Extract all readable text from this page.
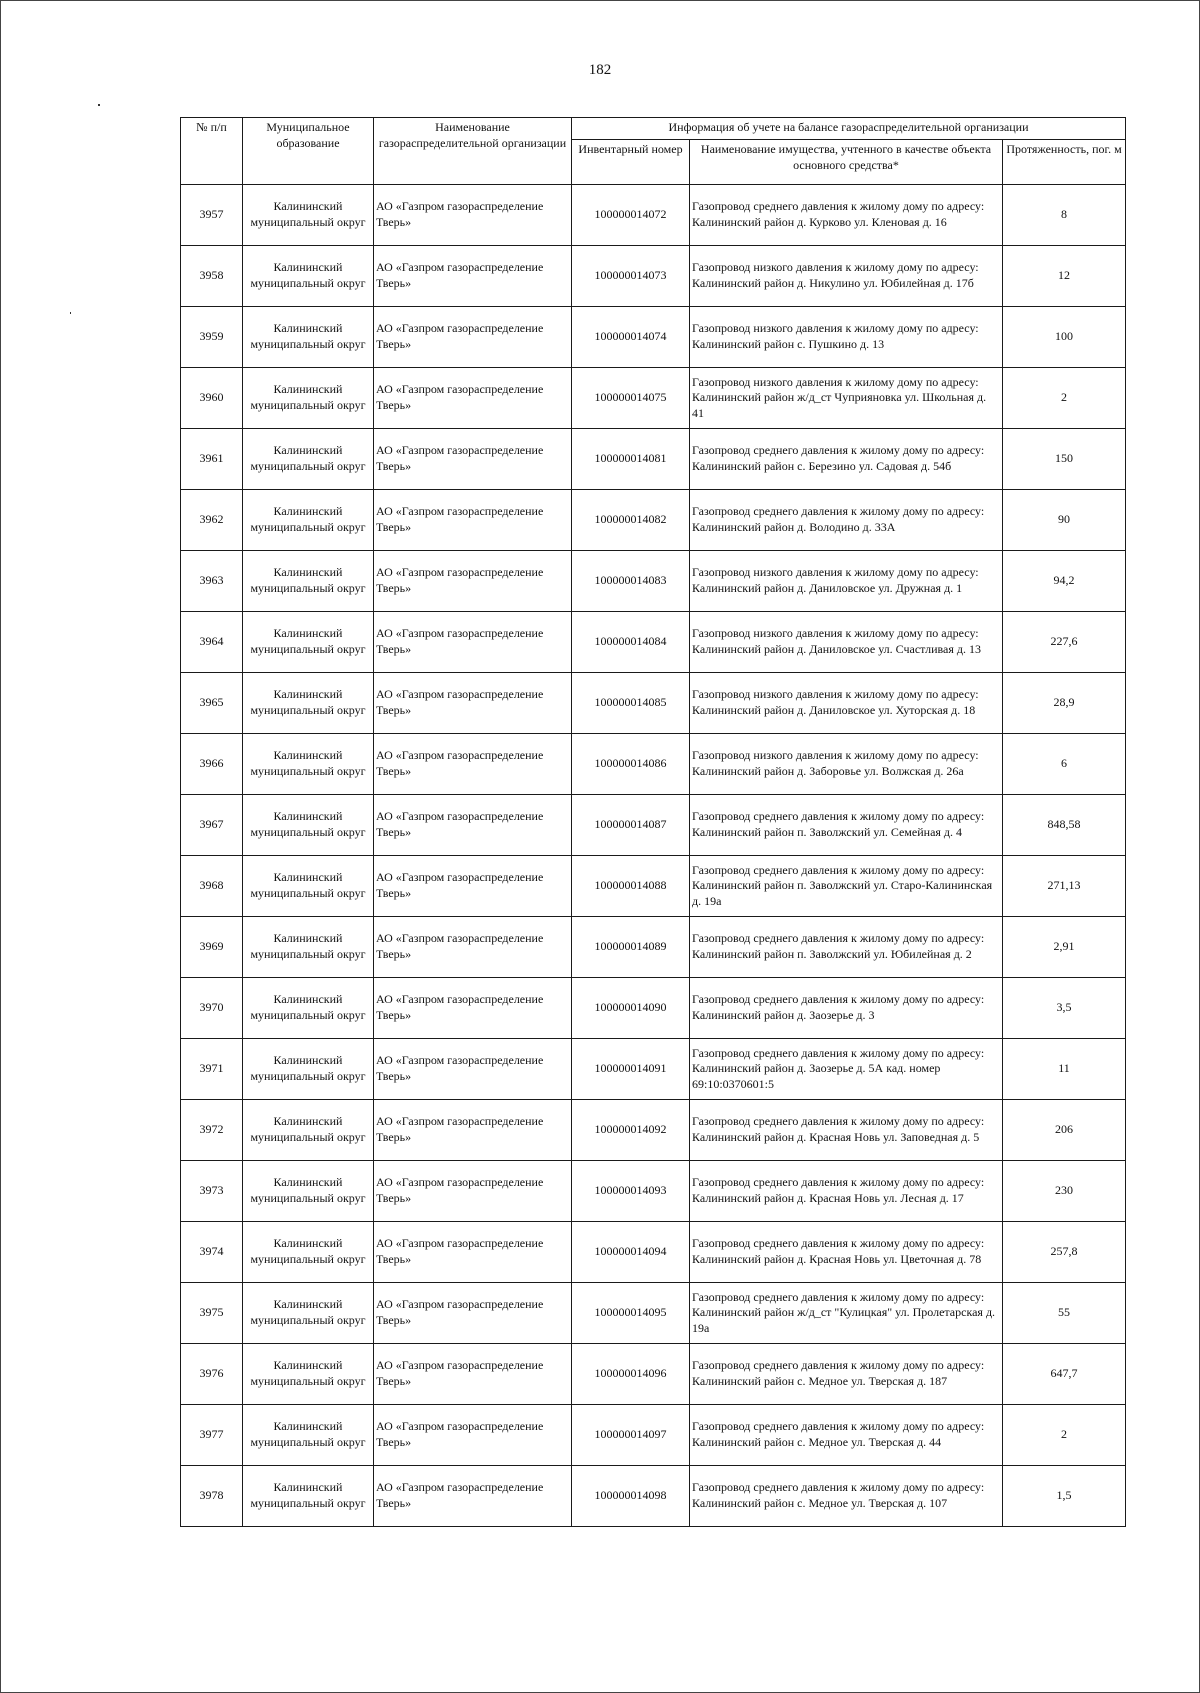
182
№ п/п	Муниципальное образование	Наименование газораспределительной организации	Информация об учете на балансе газораспределительной организации		
			Инвентарный номер	Наименование имущества, учтенного в качестве объекта основного средства*	Протяженность, пог. м
3957	Калининский муниципальный округ	АО «Газпром газораспределение Тверь»	100000014072	Газопровод среднего давления к жилому дому по адресу: Калининский район д. Курково ул. Кленовая д. 16	8
3958	Калининский муниципальный округ	АО «Газпром газораспределение Тверь»	100000014073	Газопровод низкого давления к жилому дому по адресу: Калининский район д. Никулино ул. Юбилейная д. 17б	12
3959	Калининский муниципальный округ	АО «Газпром газораспределение Тверь»	100000014074	Газопровод низкого давления к жилому дому по адресу: Калининский район с. Пушкино д. 13	100
3960	Калининский муниципальный округ	АО «Газпром газораспределение Тверь»	100000014075	Газопровод низкого давления к жилому дому по адресу: Калининский район ж/д_ст Чуприяновка ул. Школьная д. 41	2
3961	Калининский муниципальный округ	АО «Газпром газораспределение Тверь»	100000014081	Газопровод среднего давления к жилому дому по адресу: Калининский район с. Березино ул. Садовая д. 54б	150
3962	Калининский муниципальный округ	АО «Газпром газораспределение Тверь»	100000014082	Газопровод среднего давления к жилому дому по адресу: Калининский район д. Володино д. 33А	90
3963	Калининский муниципальный округ	АО «Газпром газораспределение Тверь»	100000014083	Газопровод низкого давления к жилому дому по адресу: Калининский район д. Даниловское ул. Дружная д. 1	94,2
3964	Калининский муниципальный округ	АО «Газпром газораспределение Тверь»	100000014084	Газопровод низкого давления к жилому дому по адресу: Калининский район д. Даниловское ул. Счастливая д. 13	227,6
3965	Калининский муниципальный округ	АО «Газпром газораспределение Тверь»	100000014085	Газопровод низкого давления к жилому дому по адресу: Калининский район д. Даниловское ул. Хуторская д. 18	28,9
3966	Калининский муниципальный округ	АО «Газпром газораспределение Тверь»	100000014086	Газопровод низкого давления к жилому дому по адресу: Калининский район д. Заборовье ул. Волжская д. 26а	6
3967	Калининский муниципальный округ	АО «Газпром газораспределение Тверь»	100000014087	Газопровод среднего давления к жилому дому по адресу: Калининский район п. Заволжский ул. Семейная д. 4	848,58
3968	Калининский муниципальный округ	АО «Газпром газораспределение Тверь»	100000014088	Газопровод среднего давления к жилому дому по адресу: Калининский район п. Заволжский ул. Старо-Калининская д. 19а	271,13
3969	Калининский муниципальный округ	АО «Газпром газораспределение Тверь»	100000014089	Газопровод среднего давления к жилому дому по адресу: Калининский район п. Заволжский ул. Юбилейная д. 2	2,91
3970	Калининский муниципальный округ	АО «Газпром газораспределение Тверь»	100000014090	Газопровод среднего давления к жилому дому по адресу: Калининский район д. Заозерье д. 3	3,5
3971	Калининский муниципальный округ	АО «Газпром газораспределение Тверь»	100000014091	Газопровод среднего давления к жилому дому по адресу: Калининский район д. Заозерье д. 5А кад. номер 69:10:0370601:5	11
3972	Калининский муниципальный округ	АО «Газпром газораспределение Тверь»	100000014092	Газопровод среднего давления к жилому дому по адресу: Калининский район д. Красная Новь ул. Заповедная д. 5	206
3973	Калининский муниципальный округ	АО «Газпром газораспределение Тверь»	100000014093	Газопровод среднего давления к жилому дому по адресу: Калининский район д. Красная Новь ул. Лесная д. 17	230
3974	Калининский муниципальный округ	АО «Газпром газораспределение Тверь»	100000014094	Газопровод среднего давления к жилому дому по адресу: Калининский район д. Красная Новь ул. Цветочная д. 78	257,8
3975	Калининский муниципальный округ	АО «Газпром газораспределение Тверь»	100000014095	Газопровод среднего давления к жилому дому по адресу: Калининский район ж/д_ст "Кулицкая" ул. Пролетарская д. 19а	55
3976	Калининский муниципальный округ	АО «Газпром газораспределение Тверь»	100000014096	Газопровод среднего давления к жилому дому по адресу: Калининский район с. Медное ул. Тверская д. 187	647,7
3977	Калининский муниципальный округ	АО «Газпром газораспределение Тверь»	100000014097	Газопровод среднего давления к жилому дому по адресу: Калининский район с. Медное ул. Тверская д. 44	2
3978	Калининский муниципальный округ	АО «Газпром газораспределение Тверь»	100000014098	Газопровод среднего давления к жилому дому по адресу: Калининский район с. Медное ул. Тверская д. 107	1,5
